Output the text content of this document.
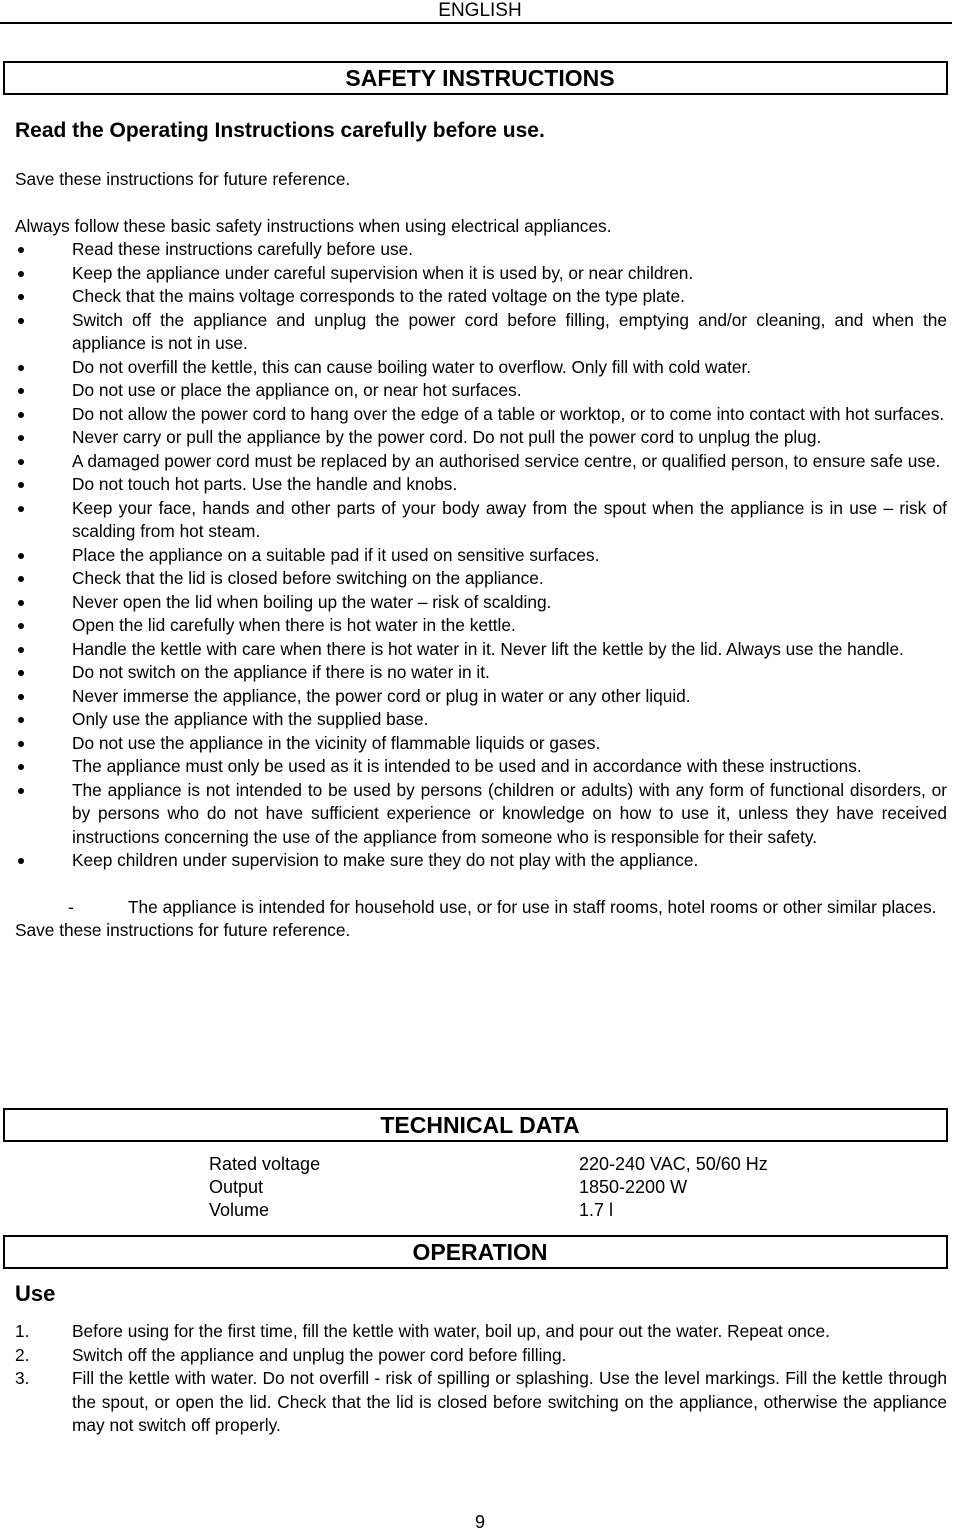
ENGLISH
SAFETY INSTRUCTIONS

Read the Operating Instructions carefully before use.

Save these instructions for future reference.

Always follow these basic safety instructions when using electrical appliances.

Read these instructions carefully before use.
Keep the appliance under careful supervision when it is used by, or near children.
Check that the mains voltage corresponds to the rated voltage on the type plate.
Switch off the appliance and unplug the power cord before filling, emptying and/or cleaning, and when the appliance is not in use.
Do not overfill the kettle, this can cause boiling water to overflow. Only fill with cold water.
Do not use or place the appliance on, or near hot surfaces.
Do not allow the power cord to hang over the edge of a table or worktop, or to come into contact with hot surfaces.
Never carry or pull the appliance by the power cord. Do not pull the power cord to unplug the plug.
A damaged power cord must be replaced by an authorised service centre, or qualified person, to ensure safe use.
Do not touch hot parts. Use the handle and knobs.
Keep your face, hands and other parts of your body away from the spout when the appliance is in use – risk of scalding from hot steam.
Place the appliance on a suitable pad if it used on sensitive surfaces.
Check that the lid is closed before switching on the appliance.
Never open the lid when boiling up the water – risk of scalding.
Open the lid carefully when there is hot water in the kettle.
Handle the kettle with care when there is hot water in it. Never lift the kettle by the lid. Always use the handle.
Do not switch on the appliance if there is no water in it.
Never immerse the appliance, the power cord or plug in water or any other liquid.
Only use the appliance with the supplied base.
Do not use the appliance in the vicinity of flammable liquids or gases.
The appliance must only be used as it is intended to be used and in accordance with these instructions.
The appliance is not intended to be used by persons (children or adults) with any form of functional disorders, or by persons who do not have sufficient experience or knowledge on how to use it, unless they have received instructions concerning the use of the appliance from someone who is responsible for their safety.
Keep children under supervision to make sure they do not play with the appliance.
-	The appliance is intended for household use, or for use in staff rooms, hotel rooms or other similar places.

Save these instructions for future reference.

TECHNICAL DATA
Rated voltage	220-240 VAC, 50/60 Hz
Output	1850-2200 W
Volume	1.7 l
OPERATION
Use
1. Before using for the first time, fill the kettle with water, boil up, and pour out the water. Repeat once.
2. Switch off the appliance and unplug the power cord before filling.
3. Fill the kettle with water. Do not overfill - risk of spilling or splashing. Use the level markings. Fill the kettle through the spout, or open the lid. Check that the lid is closed before switching on the appliance, otherwise the appliance may not switch off properly.
9
